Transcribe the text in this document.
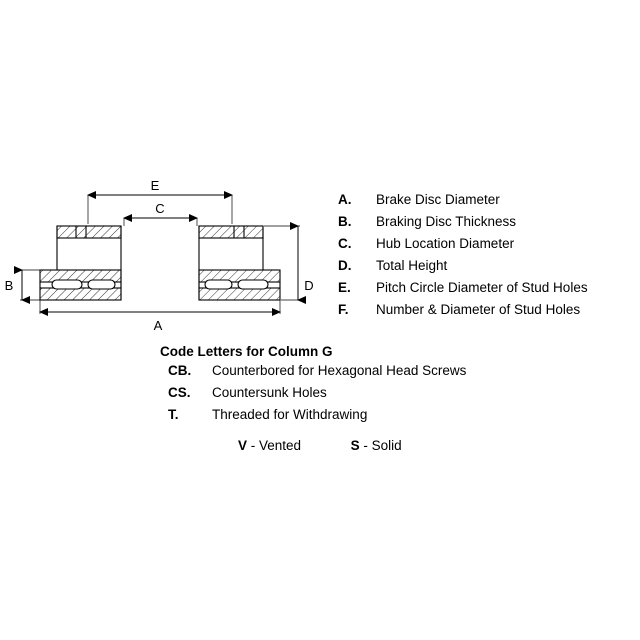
E
C
A
D
B
A.	Brake Disc Diameter
B.	Braking Disc Thickness
C.	Hub Location Diameter
D.	Total Height
E.	Pitch Circle Diameter of Stud Holes
F.	Number & Diameter of Stud Holes
Code Letters for Column G
CB.	Counterbored for Hexagonal Head Screws
CS.	Countersunk Holes
T.	Threaded for Withdrawing
V - Vented	S - Solid
